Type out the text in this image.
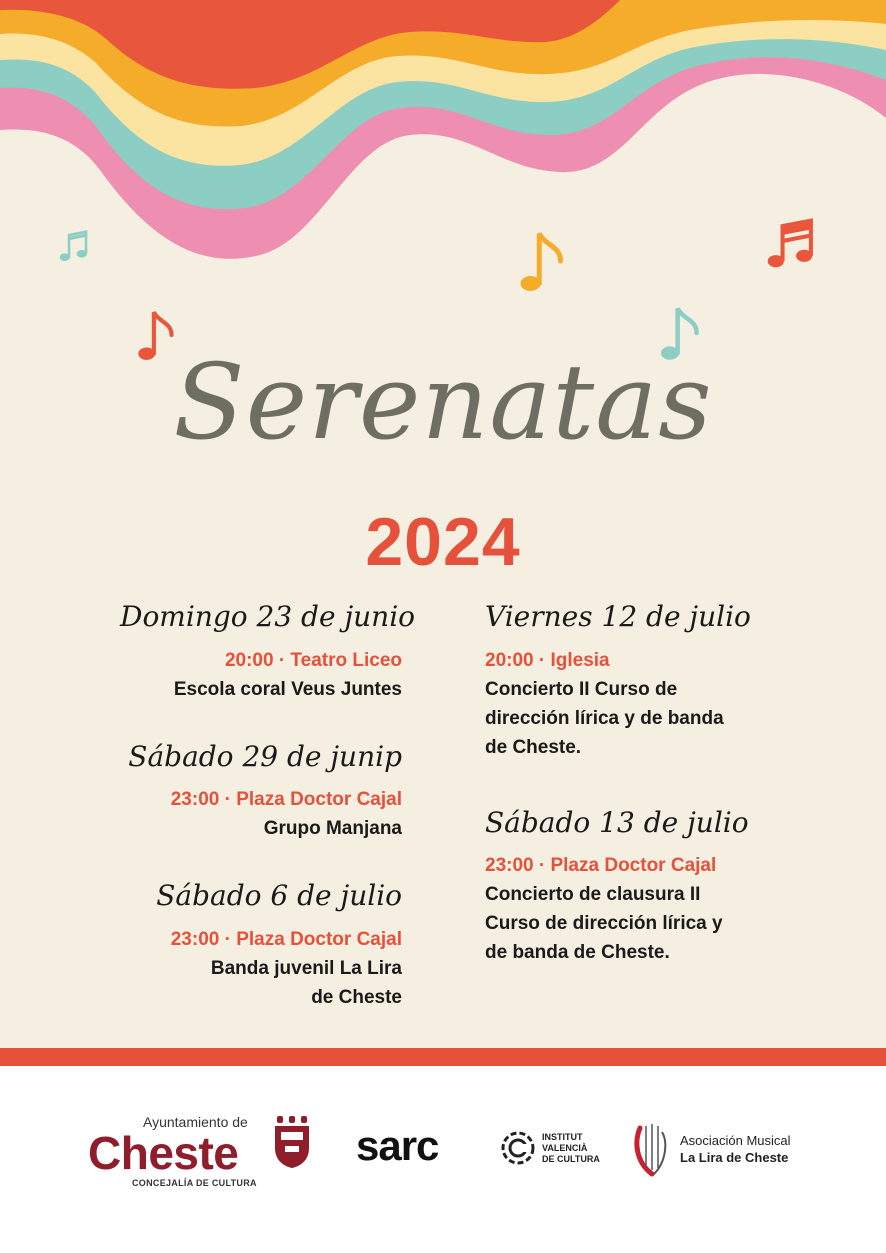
Serenatas
2024
Domingo 23 de junio
20:00 · Teatro Liceo
Escola coral Veus Juntes
Sábado 29 de junip
23:00 · Plaza Doctor Cajal
Grupo Manjana
Sábado 6 de julio
23:00 · Plaza Doctor Cajal
Banda juvenil La Lira de Cheste
Viernes 12 de julio
20:00 · Iglesia
Concierto II Curso de dirección lírica y de banda de Cheste.
Sábado 13 de julio
23:00 · Plaza Doctor Cajal
Concierto de clausura II Curso de dirección lírica y de banda de Cheste.
Ayuntamiento de
Cheste
CONCEJALÍA DE CULTURA
sarc	INSTITUT
VALENCIÀ
DE CULTURA
Asociación Musical
La Lira de Cheste
